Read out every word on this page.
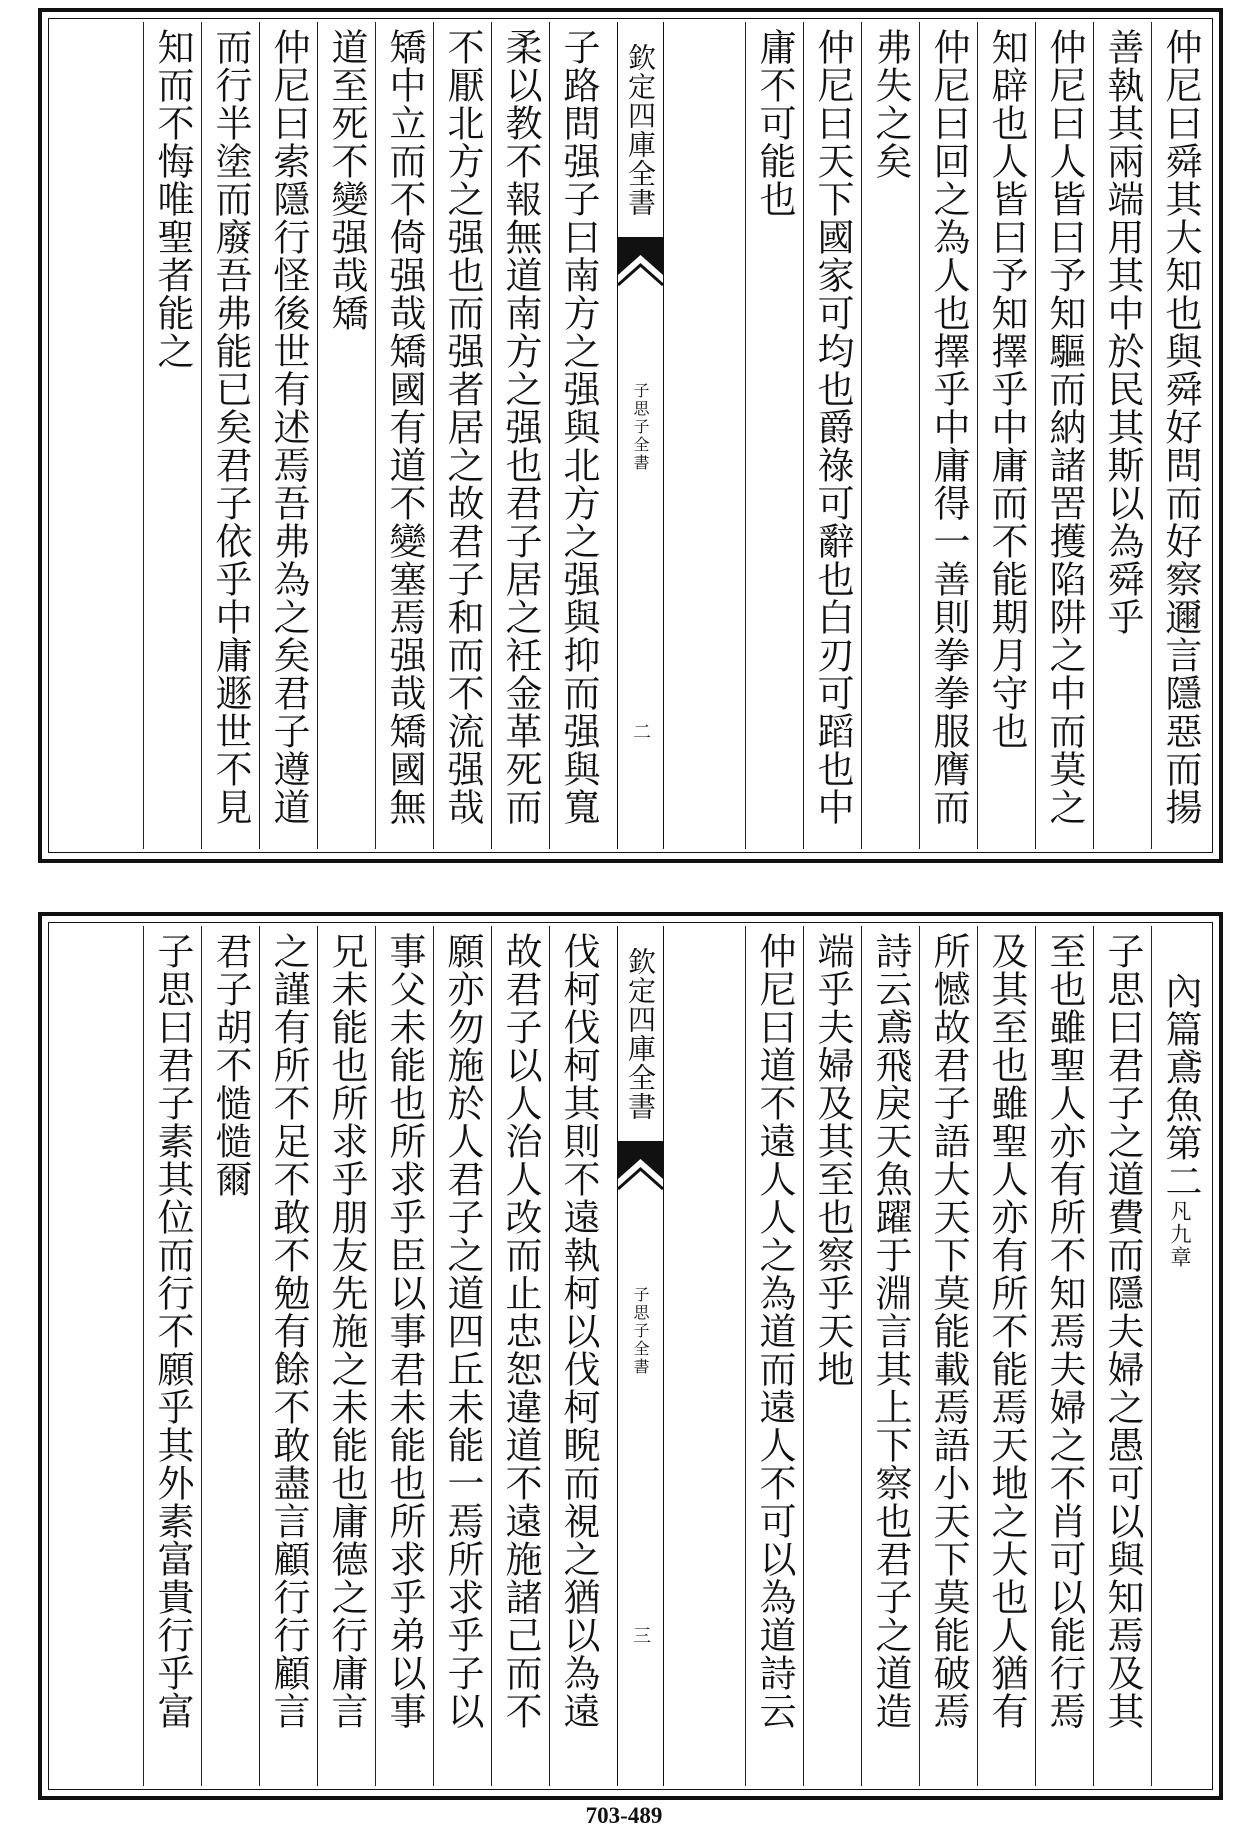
仲尼曰舜其大知也與舜好問而好察邇言隱惡而揚
善執其兩端用其中於民其斯以為舜乎
仲尼曰人皆曰予知驅而納諸罟擭陷阱之中而莫之
知辟也人皆曰予知擇乎中庸而不能期月守也
仲尼曰回之為人也擇乎中庸得一善則拳拳服膺而
弗失之矣
仲尼曰天下國家可均也爵祿可辭也白刃可蹈也中
庸不可能也
欽定四庫全書
子思子全書
二
子路問强子曰南方之强與北方之强與抑而强與寬
柔以教不報無道南方之强也君子居之衽金革死而
不厭北方之强也而强者居之故君子和而不流强哉
矯中立而不倚强哉矯國有道不變塞焉强哉矯國無
道至死不變强哉矯
仲尼曰索隱行怪後世有述焉吾弗為之矣君子遵道
而行半塗而廢吾弗能已矣君子依乎中庸遯世不見
知而不悔唯聖者能之
內篇鳶魚第二凡九章
子思曰君子之道費而隱夫婦之愚可以與知焉及其
至也雖聖人亦有所不知焉夫婦之不肖可以能行焉
及其至也雖聖人亦有所不能焉天地之大也人猶有
所憾故君子語大天下莫能載焉語小天下莫能破焉
詩云鳶飛戾天魚躍于淵言其上下察也君子之道造
端乎夫婦及其至也察乎天地
仲尼曰道不遠人人之為道而遠人不可以為道詩云
欽定四庫全書
子思子全書
三
伐柯伐柯其則不遠執柯以伐柯睨而視之猶以為遠
故君子以人治人改而止忠恕違道不遠施諸己而不
願亦勿施於人君子之道四丘未能一焉所求乎子以
事父未能也所求乎臣以事君未能也所求乎弟以事
兄未能也所求乎朋友先施之未能也庸德之行庸言
之謹有所不足不敢不勉有餘不敢盡言顧行行顧言
君子胡不慥慥爾
子思曰君子素其位而行不願乎其外素富貴行乎富
703-489
